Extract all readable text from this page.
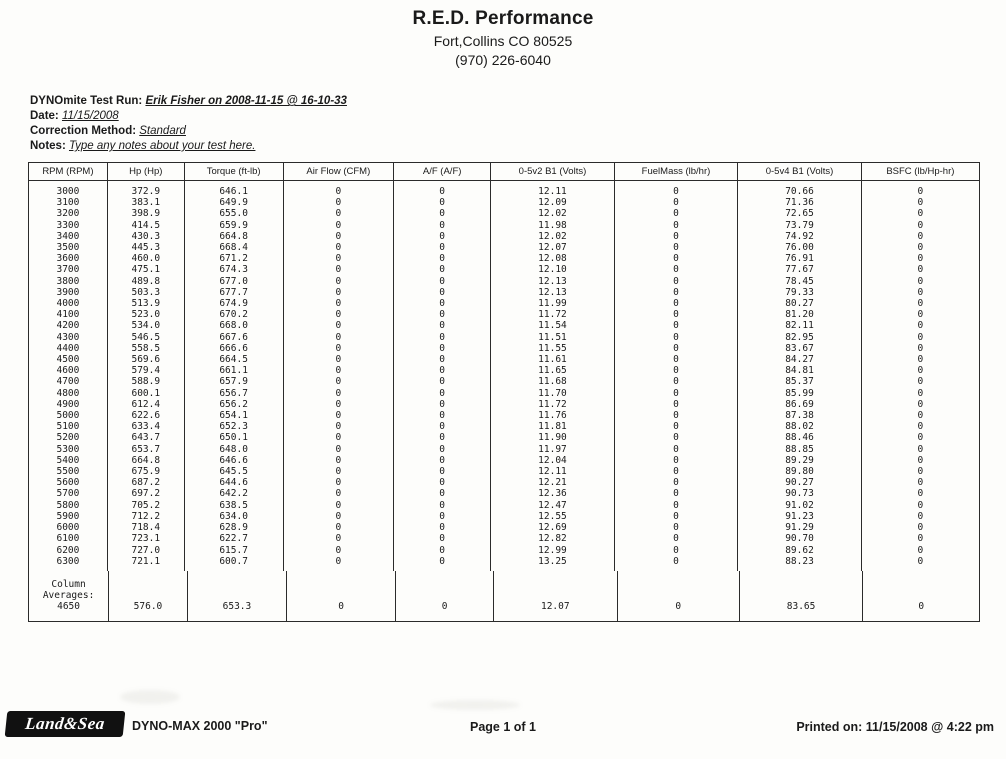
R.E.D. Performance
Fort,Collins CO 80525
(970) 226-6040
DYNOmite Test Run: Erik Fisher on 2008-11-15 @ 16-10-33
Date: 11/15/2008
Correction Method: Standard
Notes: Type any notes about your test here.
RPM (RPM)	Hp (Hp)	Torque (ft-lb)	Air Flow (CFM)	A/F (A/F)	0-5v2 B1 (Volts)	FuelMass (lb/hr)	0-5v4 B1 (Volts)	BSFC (lb/Hp-hr)
3000	372.9	646.1	0	0	12.11	0	70.66	0
3100	383.1	649.9	0	0	12.09	0	71.36	0
3200	398.9	655.0	0	0	12.02	0	72.65	0
3300	414.5	659.9	0	0	11.98	0	73.79	0
3400	430.3	664.8	0	0	12.02	0	74.92	0
3500	445.3	668.4	0	0	12.07	0	76.00	0
3600	460.0	671.2	0	0	12.08	0	76.91	0
3700	475.1	674.3	0	0	12.10	0	77.67	0
3800	489.8	677.0	0	0	12.13	0	78.45	0
3900	503.3	677.7	0	0	12.13	0	79.33	0
4000	513.9	674.9	0	0	11.99	0	80.27	0
4100	523.0	670.2	0	0	11.72	0	81.20	0
4200	534.0	668.0	0	0	11.54	0	82.11	0
4300	546.5	667.6	0	0	11.51	0	82.95	0
4400	558.5	666.6	0	0	11.55	0	83.67	0
4500	569.6	664.5	0	0	11.61	0	84.27	0
4600	579.4	661.1	0	0	11.65	0	84.81	0
4700	588.9	657.9	0	0	11.68	0	85.37	0
4800	600.1	656.7	0	0	11.70	0	85.99	0
4900	612.4	656.2	0	0	11.72	0	86.69	0
5000	622.6	654.1	0	0	11.76	0	87.38	0
5100	633.4	652.3	0	0	11.81	0	88.02	0
5200	643.7	650.1	0	0	11.90	0	88.46	0
5300	653.7	648.0	0	0	11.97	0	88.85	0
5400	664.8	646.6	0	0	12.04	0	89.29	0
5500	675.9	645.5	0	0	12.11	0	89.80	0
5600	687.2	644.6	0	0	12.21	0	90.27	0
5700	697.2	642.2	0	0	12.36	0	90.73	0
5800	705.2	638.5	0	0	12.47	0	91.02	0
5900	712.2	634.0	0	0	12.55	0	91.23	0
6000	718.4	628.9	0	0	12.69	0	91.29	0
6100	723.1	622.7	0	0	12.82	0	90.70	0
6200	727.0	615.7	0	0	12.99	0	89.62	0
6300	721.1	600.7	0	0	13.25	0	88.23	0

Column								
Averages:								
4650	576.0	653.3	0	0	12.07	0	83.65	0

Land&Sea	DYNO-MAX 2000 "Pro"	Page 1 of 1	Printed on: 11/15/2008 @ 4:22 pm
